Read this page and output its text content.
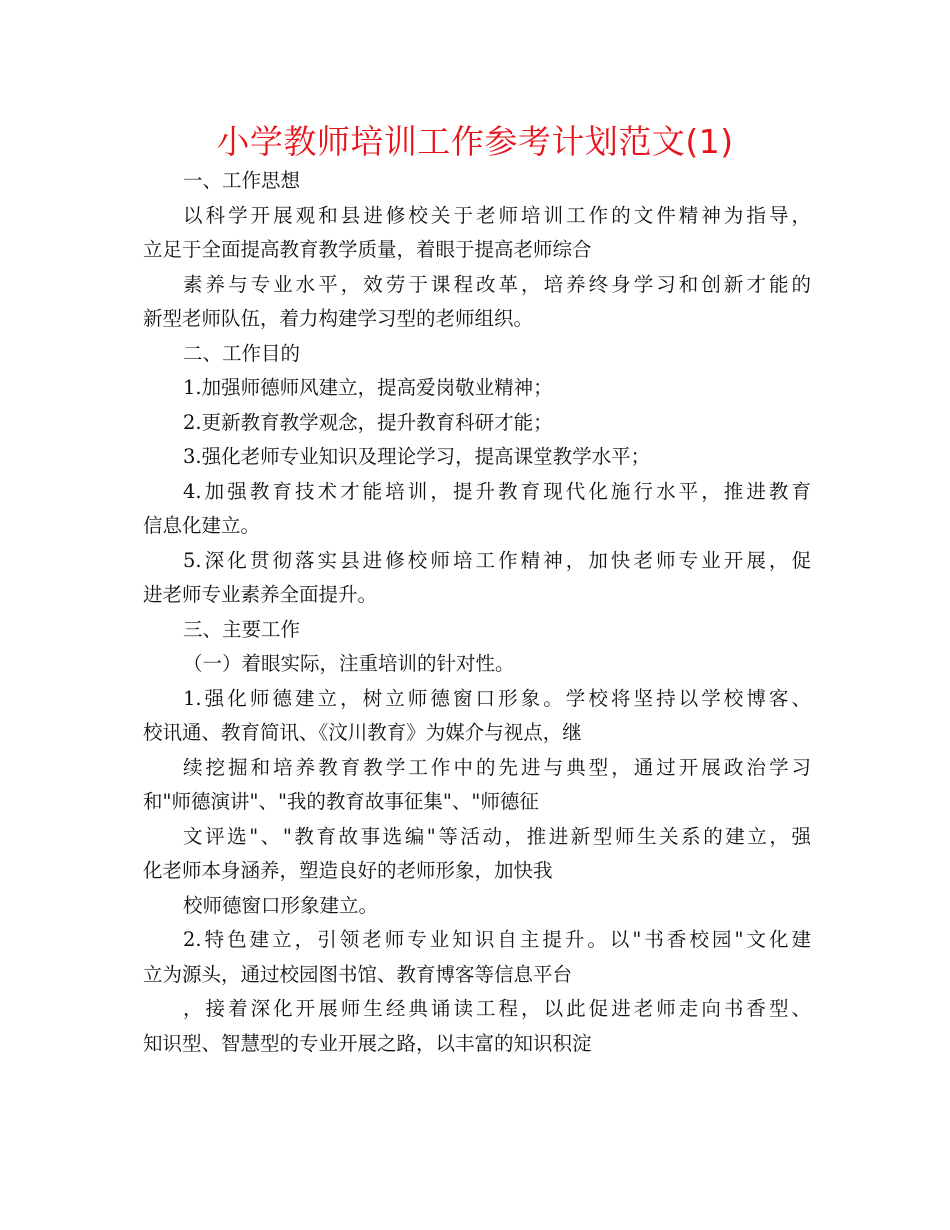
小学教师培训工作参考计划范文(1)
一、工作思想
以科学开展观和县进修校关于老师培训工作的文件精神为指导，
立足于全面提高教育教学质量，着眼于提高老师综合
素养与专业水平，效劳于课程改革，培养终身学习和创新才能的
新型老师队伍，着力构建学习型的老师组织。
二、工作目的
1.加强师德师风建立，提高爱岗敬业精神；
2.更新教育教学观念，提升教育科研才能；
3.强化老师专业知识及理论学习，提高课堂教学水平；
4.加强教育技术才能培训，提升教育现代化施行水平，推进教育
信息化建立。
5.深化贯彻落实县进修校师培工作精神，加快老师专业开展，促
进老师专业素养全面提升。
三、主要工作
（一）着眼实际，注重培训的针对性。
1.强化师德建立，树立师德窗口形象。学校将坚持以学校博客、
校讯通、教育简讯、《汶川教育》为媒介与视点，继
续挖掘和培养教育教学工作中的先进与典型，通过开展政治学习
和"师德演讲"、"我的教育故事征集"、"师德征
文评选"、"教育故事选编"等活动，推进新型师生关系的建立，强
化老师本身涵养，塑造良好的老师形象，加快我
校师德窗口形象建立。
2.特色建立，引领老师专业知识自主提升。以"书香校园"文化建
立为源头，通过校园图书馆、教育博客等信息平台
，接着深化开展师生经典诵读工程，以此促进老师走向书香型、
知识型、智慧型的专业开展之路，以丰富的知识积淀
